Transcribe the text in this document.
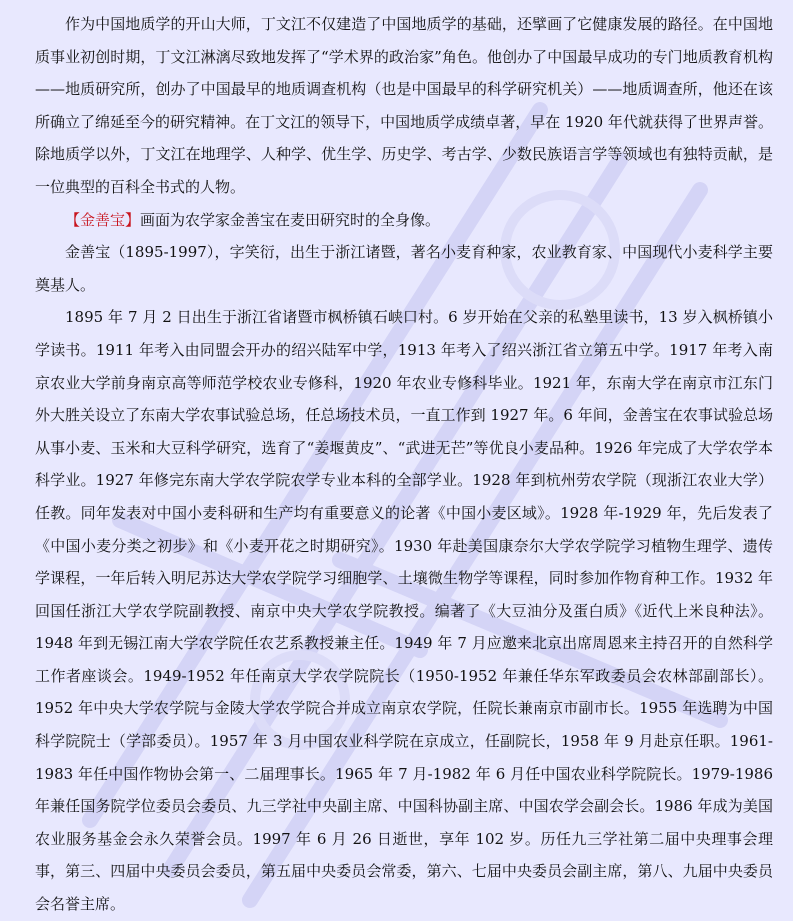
作为中国地质学的开山大师，丁文江不仅建造了中国地质学的基础，还擘画了它健康发展的路径。在中国地质事业初创时期，丁文江淋漓尽致地发挥了“学术界的政治家”角色。他创办了中国最早成功的专门地质教育机构——地质研究所，创办了中国最早的地质调查机构（也是中国最早的科学研究机关）——地质调查所，他还在该所确立了绵延至今的研究精神。在丁文江的领导下，中国地质学成绩卓著，早在 1920 年代就获得了世界声誉。除地质学以外，丁文江在地理学、人种学、优生学、历史学、考古学、少数民族语言学等领域也有独特贡献，是一位典型的百科全书式的人物。

【金善宝】画面为农学家金善宝在麦田研究时的全身像。

金善宝（1895-1997），字笑衍，出生于浙江诸暨，著名小麦育种家，农业教育家、中国现代小麦科学主要奠基人。

1895 年 7 月 2 日出生于浙江省诸暨市枫桥镇石峡口村。6 岁开始在父亲的私塾里读书，13 岁入枫桥镇小学读书。1911 年考入由同盟会开办的绍兴陆军中学，1913 年考入了绍兴浙江省立第五中学。1917 年考入南京农业大学前身南京高等师范学校农业专修科，1920 年农业专修科毕业。1921 年，东南大学在南京市江东门外大胜关设立了东南大学农事试验总场，任总场技术员，一直工作到 1927 年。6 年间，金善宝在农事试验总场从事小麦、玉米和大豆科学研究，选育了“姜堰黄皮”、“武进无芒”等优良小麦品种。1926 年完成了大学农学本科学业。1927 年修完东南大学农学院农学专业本科的全部学业。1928 年到杭州劳农学院（现浙江农业大学）任教。同年发表对中国小麦科研和生产均有重要意义的论著《中国小麦区域》。1928 年-1929 年，先后发表了《中国小麦分类之初步》和《小麦开花之时期研究》。1930 年赴美国康奈尔大学农学院学习植物生理学、遗传学课程，一年后转入明尼苏达大学农学院学习细胞学、土壤微生物学等课程，同时参加作物育种工作。1932 年回国任浙江大学农学院副教授、南京中央大学农学院教授。编著了《大豆油分及蛋白质》《近代上米良种法》。1948 年到无锡江南大学农学院任农艺系教授兼主任。1949 年 7 月应邀来北京出席周恩来主持召开的自然科学工作者座谈会。1949-1952 年任南京大学农学院院长（1950-1952 年兼任华东军政委员会农林部副部长）。1952 年中央大学农学院与金陵大学农学院合并成立南京农学院，任院长兼南京市副市长。1955 年选聘为中国科学院院士（学部委员）。1957 年 3 月中国农业科学院在京成立，任副院长，1958 年 9 月赴京任职。1961-1983 年任中国作物协会第一、二届理事长。1965 年 7 月-1982 年 6 月任中国农业科学院院长。1979-1986 年兼任国务院学位委员会委员、九三学社中央副主席、中国科协副主席、中国农学会副会长。1986 年成为美国农业服务基金会永久荣誉会员。1997 年 6 月 26 日逝世，享年 102 岁。历任九三学社第二届中央理事会理事，第三、四届中央委员会委员，第五届中央委员会常委，第六、七届中央委员会副主席，第八、九届中央委员会名誉主席。
